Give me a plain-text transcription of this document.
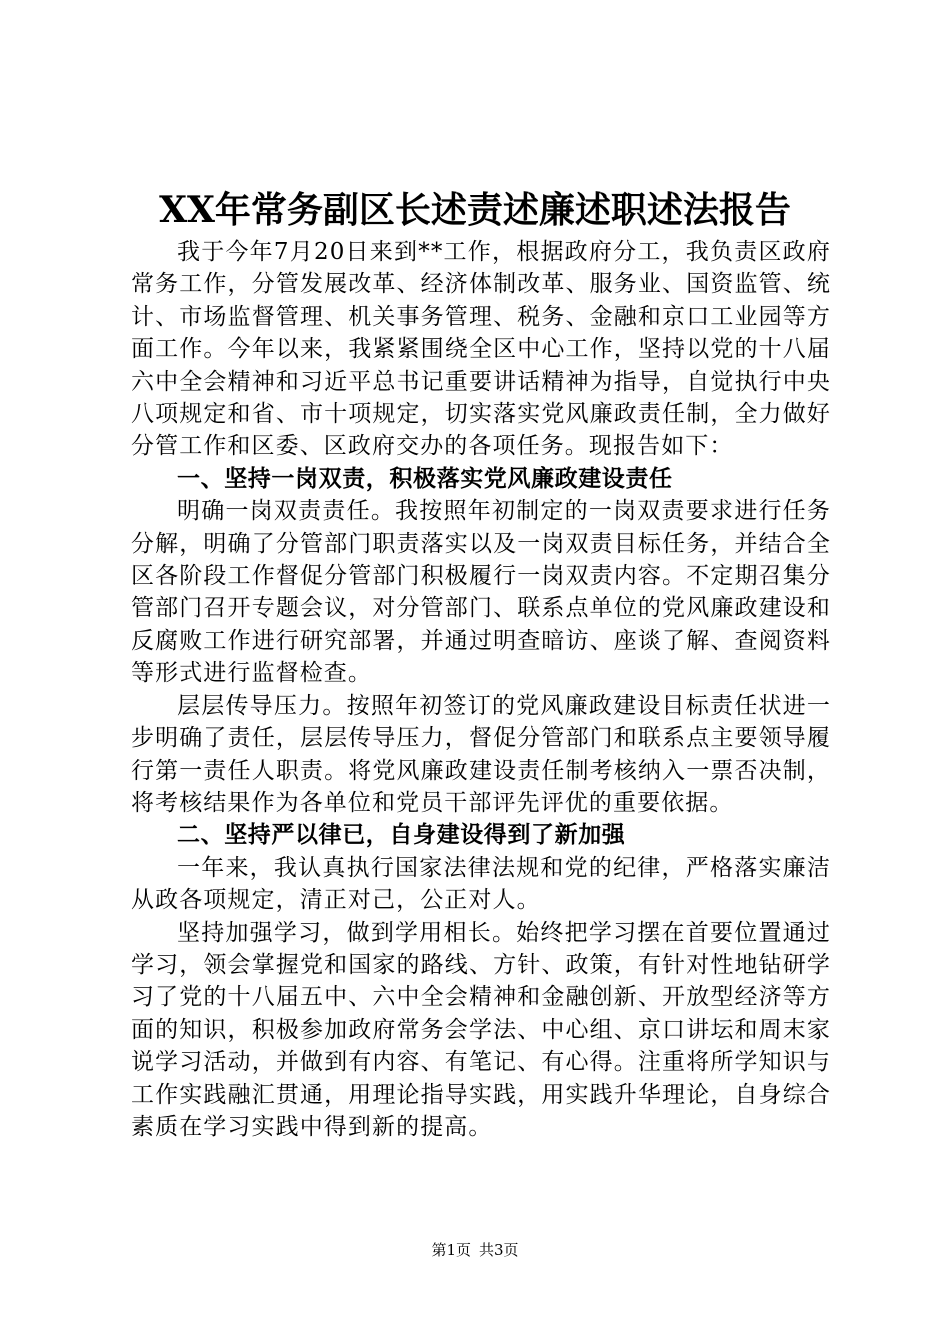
XX年常务副区长述责述廉述职述法报告

我于今年7月20日来到**工作，根据政府分工，我负责区政府常务工作，分管发展改革、经济体制改革、服务业、国资监管、统计、市场监督管理、机关事务管理、税务、金融和京口工业园等方面工作。今年以来，我紧紧围绕全区中心工作，坚持以党的十八届六中全会精神和习近平总书记重要讲话精神为指导，自觉执行中央八项规定和省、市十项规定，切实落实党风廉政责任制，全力做好分管工作和区委、区政府交办的各项任务。现报告如下：

一、坚持一岗双责，积极落实党风廉政建设责任

明确一岗双责责任。我按照年初制定的一岗双责要求进行任务分解，明确了分管部门职责落实以及一岗双责目标任务，并结合全区各阶段工作督促分管部门积极履行一岗双责内容。不定期召集分管部门召开专题会议，对分管部门、联系点单位的党风廉政建设和反腐败工作进行研究部署，并通过明查暗访、座谈了解、查阅资料等形式进行监督检查。

层层传导压力。按照年初签订的党风廉政建设目标责任状进一步明确了责任，层层传导压力，督促分管部门和联系点主要领导履行第一责任人职责。将党风廉政建设责任制考核纳入一票否决制，将考核结果作为各单位和党员干部评先评优的重要依据。

二、坚持严以律已，自身建设得到了新加强

一年来，我认真执行国家法律法规和党的纪律，严格落实廉洁从政各项规定，清正对己，公正对人。

坚持加强学习，做到学用相长。始终把学习摆在首要位置通过学习，领会掌握党和国家的路线、方针、政策，有针对性地钻研学习了党的十八届五中、六中全会精神和金融创新、开放型经济等方面的知识，积极参加政府常务会学法、中心组、京口讲坛和周末家说学习活动，并做到有内容、有笔记、有心得。注重将所学知识与工作实践融汇贯通，用理论指导实践，用实践升华理论，自身综合素质在学习实践中得到新的提高。

第1页 共3页
